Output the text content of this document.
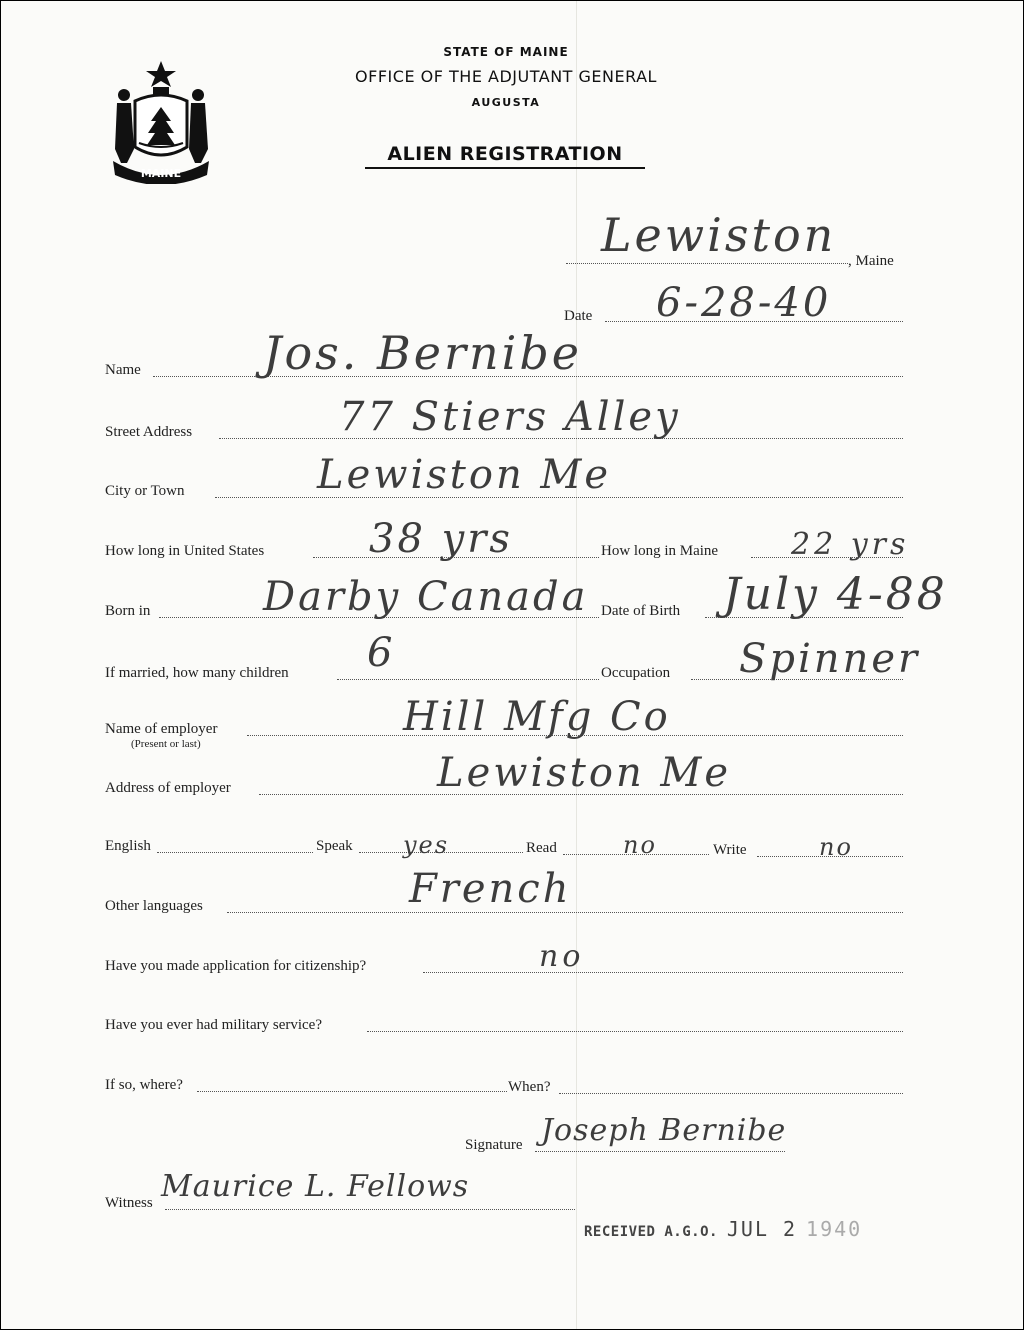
MAINE
STATE OF MAINE
OFFICE OF THE ADJUTANT GENERAL
AUGUSTA
ALIEN REGISTRATION
Lewiston , Maine
Date 6-28-40
Name	Jos. Bernibe
Street Address	77 Stiers Alley
City or Town	Lewiston Me
How long in United States	38 yrs	How long in Maine 22 yrs
Born in	Darby Canada Date of Birth July 4-88
If married, how many children 6	Occupation Spinner
Name of employer
(Present or last)
Hill Mfg Co
Address of employer	Lewiston Me
English	Speak yes	Read	no	Write	no
Other languages	French
Have you made application for citizenship?	no
Have you ever had military service?
If so, where?	When?
Signature Joseph Bernibe
Witness Maurice L. Fellows
RECEIVED A.G.O. JUL 2 1940
